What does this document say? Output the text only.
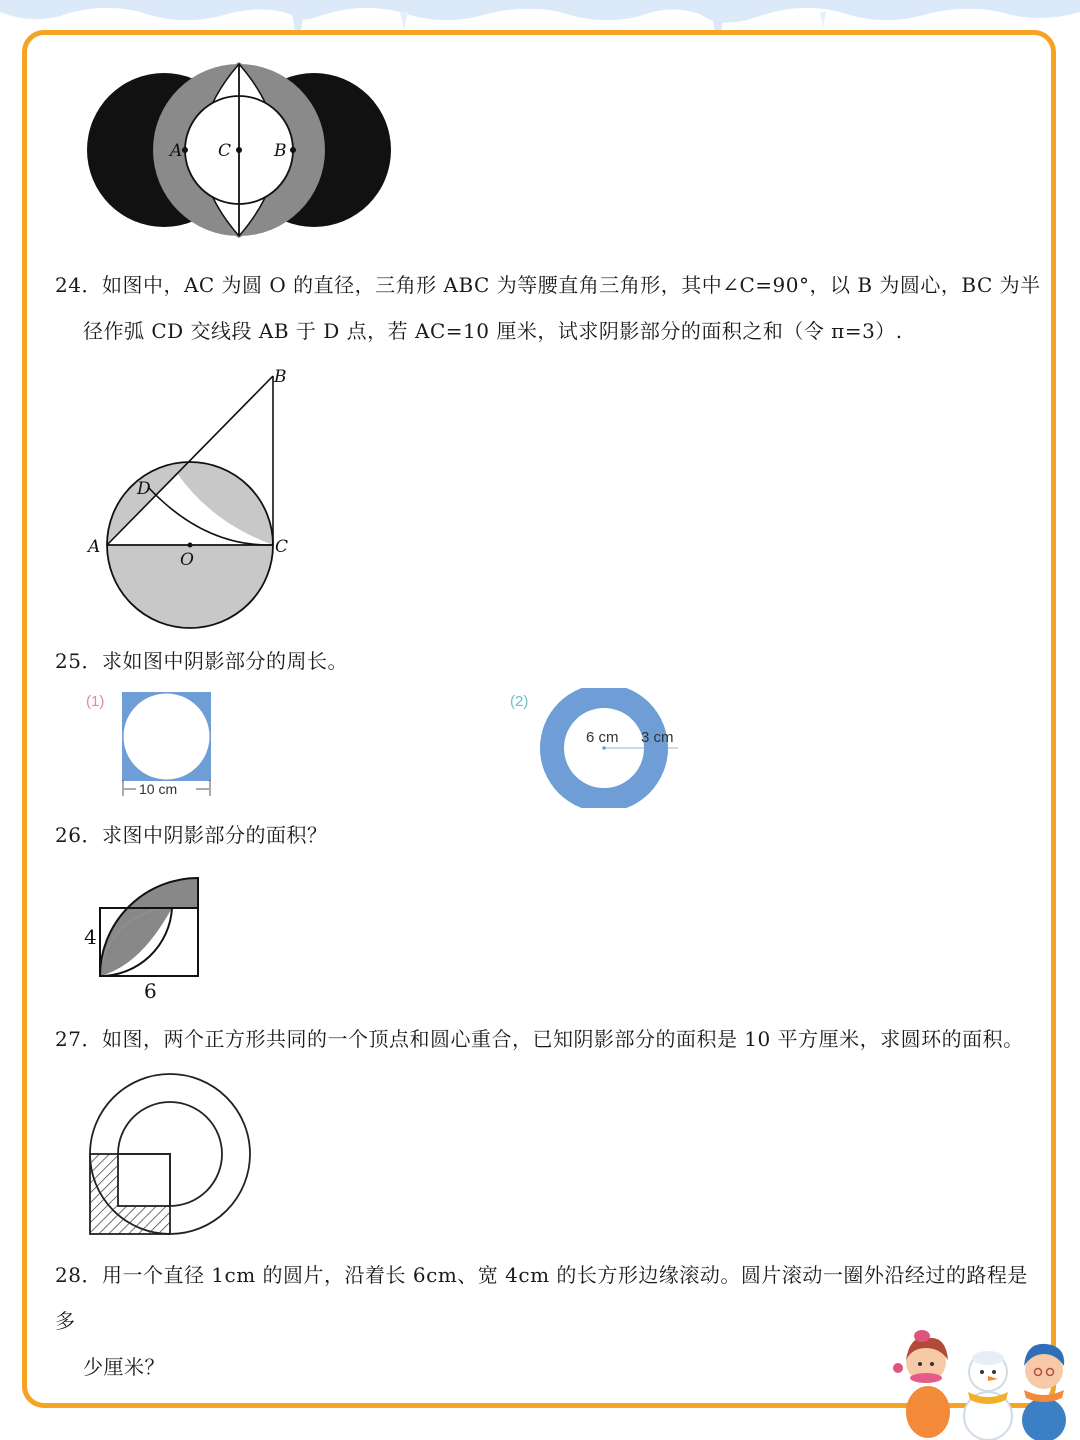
A C	B
24．如图中，AC 为圆 O 的直径，三角形 ABC 为等腰直角三角形，其中∠C=90°，以 B 为圆心，BC 为半
径作弧 CD 交线段 AB 于 D 点，若 AC=10 厘米，试求阴影部分的面积之和（令 π=3）.
B
D
A
O
C
25．求如图中阴影部分的周长。
(1)
10 cm
(2)
6 cm 3 cm
26．求图中阴影部分的面积？
4
6
27．如图，两个正方形共同的一个顶点和圆心重合，已知阴影部分的面积是 10 平方厘米，求圆环的面积。
28．用一个直径 1cm 的圆片，沿着长 6cm、宽 4cm 的长方形边缘滚动。圆片滚动一圈外沿经过的路程是多
少厘米？
